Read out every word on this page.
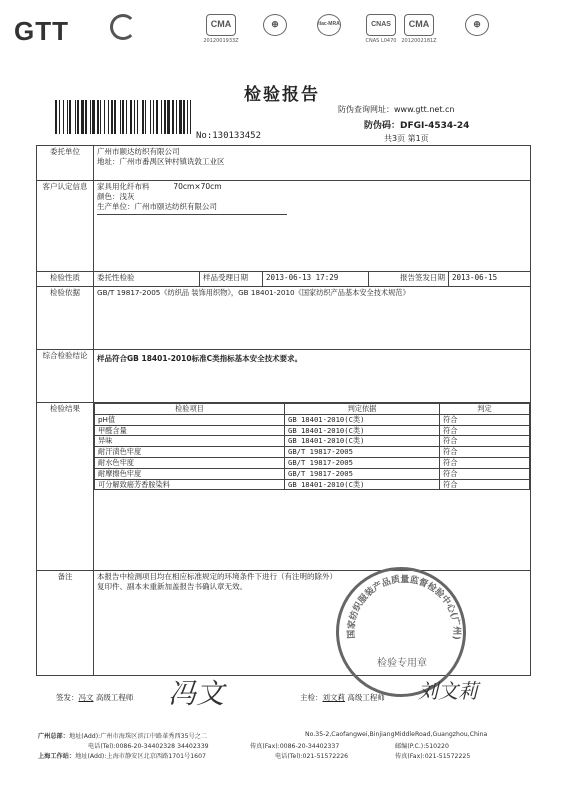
GTT	CMA
2012001933Z
⊕	ilac-MRA	CNAS
CNAS L0470
CMA
2012002181Z
⊕
检验报告
No:130133452
防伪查询网址：www.gtt.net.cn
防伪码：DFGI-4534-24
共3页 第1页
委托单位	广州市颐达纺织有限公司
地址：广州市番禺区钟村镇诜敦工业区

客户认定信息	家具用化纤布料          70cm×70cm
颜色：浅灰
生产单位：广州市颐达纺织有限公司

检验性质	委托性检验	样品受理日期	2013-06-13 17:29	报告签发日期	2013-06-15
检验依据	GB/T 19817-2005《纺织品 装饰用织物》，GB 18401-2010《国家纺织产品基本安全技术规范》
综合检验结论	样品符合GB 18401-2010标准C类指标基本安全技术要求。
检验结果		检验项目	判定依据	判定
pH值	GB 18401-2010(C类)	符合
甲醛含量	GB 18401-2010(C类)	符合
异味	GB 18401-2010(C类)	符合
耐汗渍色牢度	GB/T 19817-2005	符合
耐水色牢度	GB/T 19817-2005	符合
耐摩擦色牢度	GB/T 19817-2005	符合
可分解致癌芳香胺染料	GB 18401-2010(C类)	符合

备注	本报告中检测项目均在相应标准规定的环境条件下进行（有注明的除外）
复印件、副本未重新加盖报告书确认章无效。
国家纺织服装产品质量监督检验中心(广州)
检验专用章
签发：冯文 高级工程师 冯文	主检：刘文莉 高级工程师 刘文莉
广州总部：地址(Add):广州市海珠区滨江中路革秀西35号之二	No.35-2,Caofangwei,BinjiangMiddleRoad,Guangzhou,China
电话(Tel):0086-20-34402328 34402339	传真(Fax):0086-20-34402337	邮编(P.C.):510220
上海工作站：地址(Add):上海市静安区北京西路1701号1607	电话(Tel):021-51572226	传真(Fax):021-51572225
